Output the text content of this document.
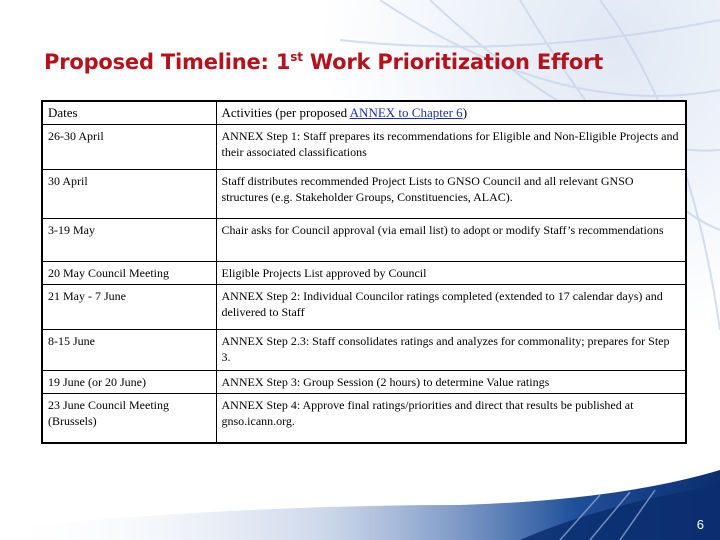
Proposed Timeline: 1st Work Prioritization Effort
Dates	Activities (per proposed ANNEX to Chapter 6)
26-30 April	ANNEX Step 1: Staff prepares its recommendations for Eligible and Non-Eligible Projects and their associated classifications
30 April	Staff distributes recommended Project Lists to GNSO Council and all relevant GNSO structures (e.g. Stakeholder Groups, Constituencies, ALAC).
3-19 May	Chair asks for Council approval (via email list) to adopt or modify Staff’s recommendations
20 May Council Meeting	Eligible Projects List approved by Council
21 May - 7 June	ANNEX Step 2: Individual Councilor ratings completed (extended to 17 calendar days) and delivered to Staff
8-15 June	ANNEX Step 2.3: Staff consolidates ratings and analyzes for commonality; prepares for Step 3.
19 June (or 20 June)	ANNEX Step 3: Group Session (2 hours) to determine Value ratings
23 June Council Meeting (Brussels)	ANNEX Step 4: Approve final ratings/priorities and direct that results be published at gnso.icann.org.
6
